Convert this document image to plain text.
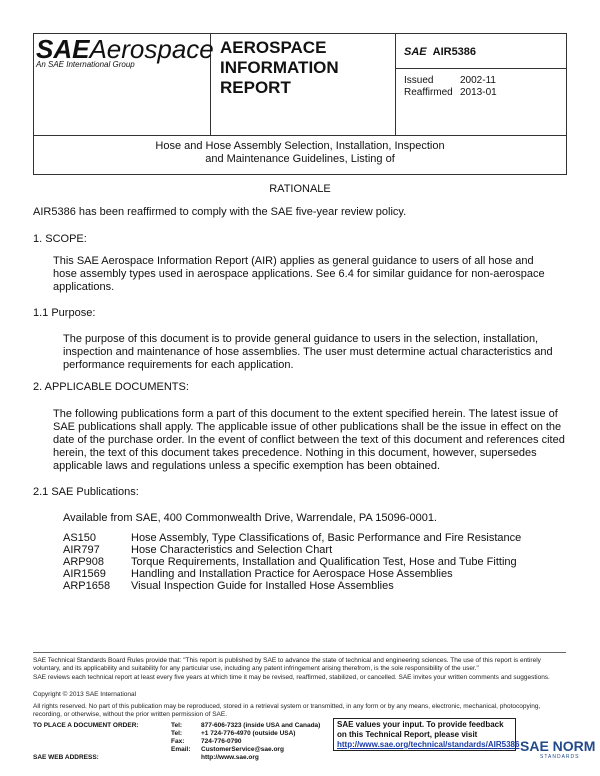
SAEAerospace
An SAE International Group
AEROSPACE INFORMATION REPORT
SAE AIR5386
Issued	2002-11
Reaffirmed 2013-01
Hose and Hose Assembly Selection, Installation, Inspection
and Maintenance Guidelines, Listing of
RATIONALE
AIR5386 has been reaffirmed to comply with the SAE five-year review policy.
1. SCOPE:
This SAE Aerospace Information Report (AIR) applies as general guidance to users of all hose and hose assembly types used in aerospace applications. See 6.4 for similar guidance for non-aerospace applications.
1.1 Purpose:
The purpose of this document is to provide general guidance to users in the selection, installation, inspection and maintenance of hose assemblies. The user must determine actual characteristics and performance requirements for each application.
2. APPLICABLE DOCUMENTS:
The following publications form a part of this document to the extent specified herein. The latest issue of SAE publications shall apply. The applicable issue of other publications shall be the issue in effect on the date of the purchase order. In the event of conflict between the text of this document and references cited herein, the text of this document takes precedence. Nothing in this document, however, supersedes applicable laws and regulations unless a specific exemption has been obtained.
2.1 SAE Publications:
Available from SAE, 400 Commonwealth Drive, Warrendale, PA 15096-0001.
AS150	Hose Assembly, Type Classifications of, Basic Performance and Fire Resistance
AIR797	Hose Characteristics and Selection Chart
ARP908	Torque Requirements, Installation and Qualification Test, Hose and Tube Fitting
AIR1569	Handling and Installation Practice for Aerospace Hose Assemblies
ARP1658	Visual Inspection Guide for Installed Hose Assemblies
SAE Technical Standards Board Rules provide that: "This report is published by SAE to advance the state of technical and engineering sciences. The use of this report is entirely voluntary, and its applicability and suitability for any particular use, including any patent infringement arising therefrom, is the sole responsibility of the user."
SAE reviews each technical report at least every five years at which time it may be revised, reaffirmed, stabilized, or cancelled. SAE invites your written comments and suggestions.
Copyright © 2013 SAE International
All rights reserved. No part of this publication may be reproduced, stored in a retrieval system or transmitted, in any form or by any means, electronic, mechanical, photocopying, recording, or otherwise, without the prior written permission of SAE.
TO PLACE A DOCUMENT ORDER:	Tel:	877-606-7323 (inside USA and Canada)
Tel:	+1 724-776-4970 (outside USA)
Fax:	724-776-0790
Email:	CustomerService@sae.org
SAE WEB ADDRESS:	http://www.sae.org
SAE values your input. To provide feedback
on this Technical Report, please visit
http://www.sae.org/technical/standards/AIR5386 SAE NORM
STANDARDS
